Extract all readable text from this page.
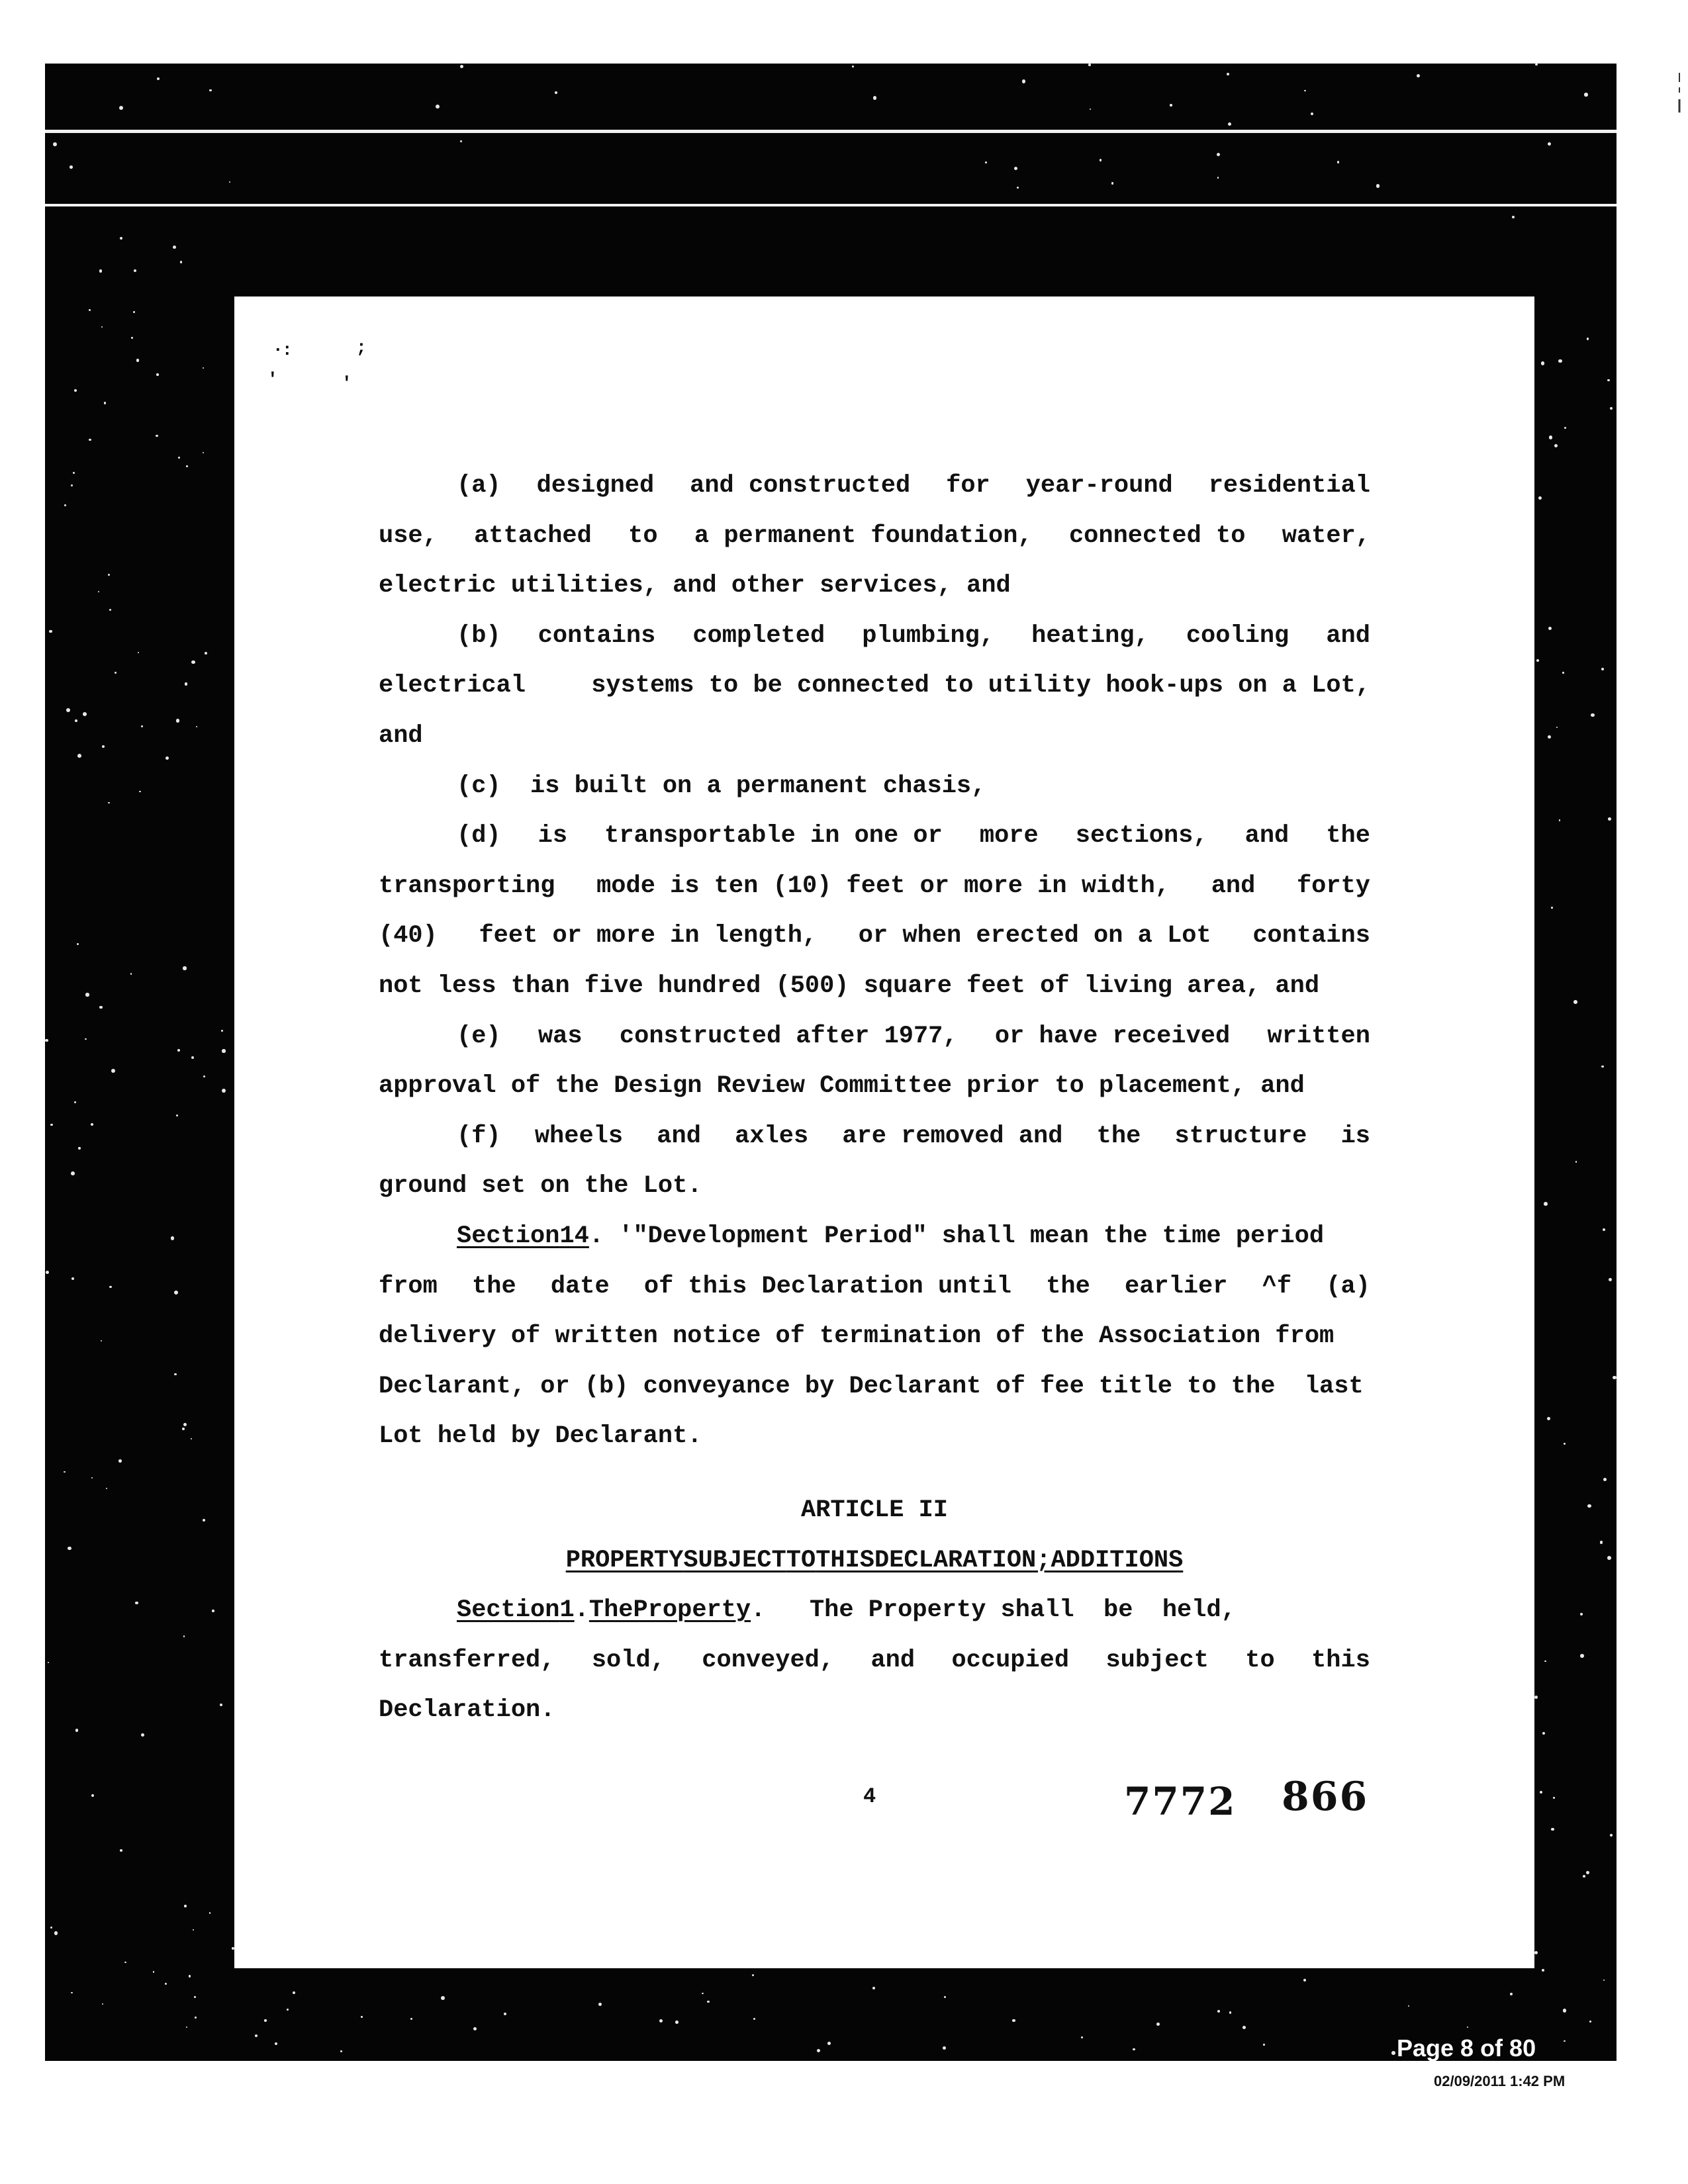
.
:	;
'	'
(a) designed and constructed for year-round residential
use, attached to a permanent foundation, connected to water,
electric utilities, and other services, and
(b) contains completed plumbing, heating, cooling and
electrical	systems to be connected to utility hook-ups on a Lot,
and
(c)  is built on a permanent chasis,
(d) is transportable in one or more sections, and the
transporting mode is ten (10) feet or more in width, and forty
(40) feet or more in length, or when erected on a Lot contains
not less than five hundred (500) square feet of living area, and
(e) was constructed after 1977, or have received written
approval of the Design Review Committee prior to placement, and
(f) wheels and axles are removed and the structure is
ground set on the Lot.
Section 14 . '"Development Period" shall mean the time period
from the date of this Declaration until the earlier ^f (a)
delivery of written notice of termination of the Association from
Declarant, or (b) conveyance by Declarant of fee title to the  last
Lot held by Declarant.
ARTICLE II
PROPERTY SUBJECT TO THIS DECLARATION; ADDITIONS
Section 1 . The Property .   The Property shall  be  held,
transferred, sold, conveyed, and occupied subject to this
Declaration.
4	7772 866
Page 8 of 80
02/09/2011 1:42 PM
